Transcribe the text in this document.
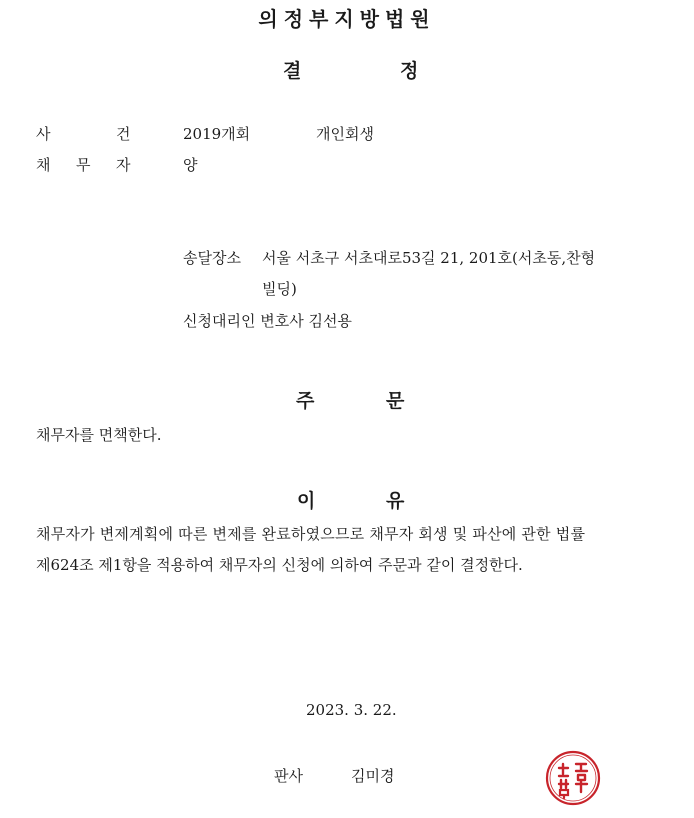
의정부지방법원
결	정
사	건	2019개회	개인회생
채 무 자	양
송달장소 서울 서초구 서초대로53길 21, 201호(서초동,찬형
빌딩)
신청대리인 변호사 김선용
주	문
채무자를 면책한다.
이	유
채무자가 변제계획에 따른 변제를 완료하였으므로 채무자 회생 및 파산에 관한 법률
제624조 제1항을 적용하여 채무자의 신청에 의하여 주문과 같이 결정한다.
2023. 3. 22.
판사	김미경
